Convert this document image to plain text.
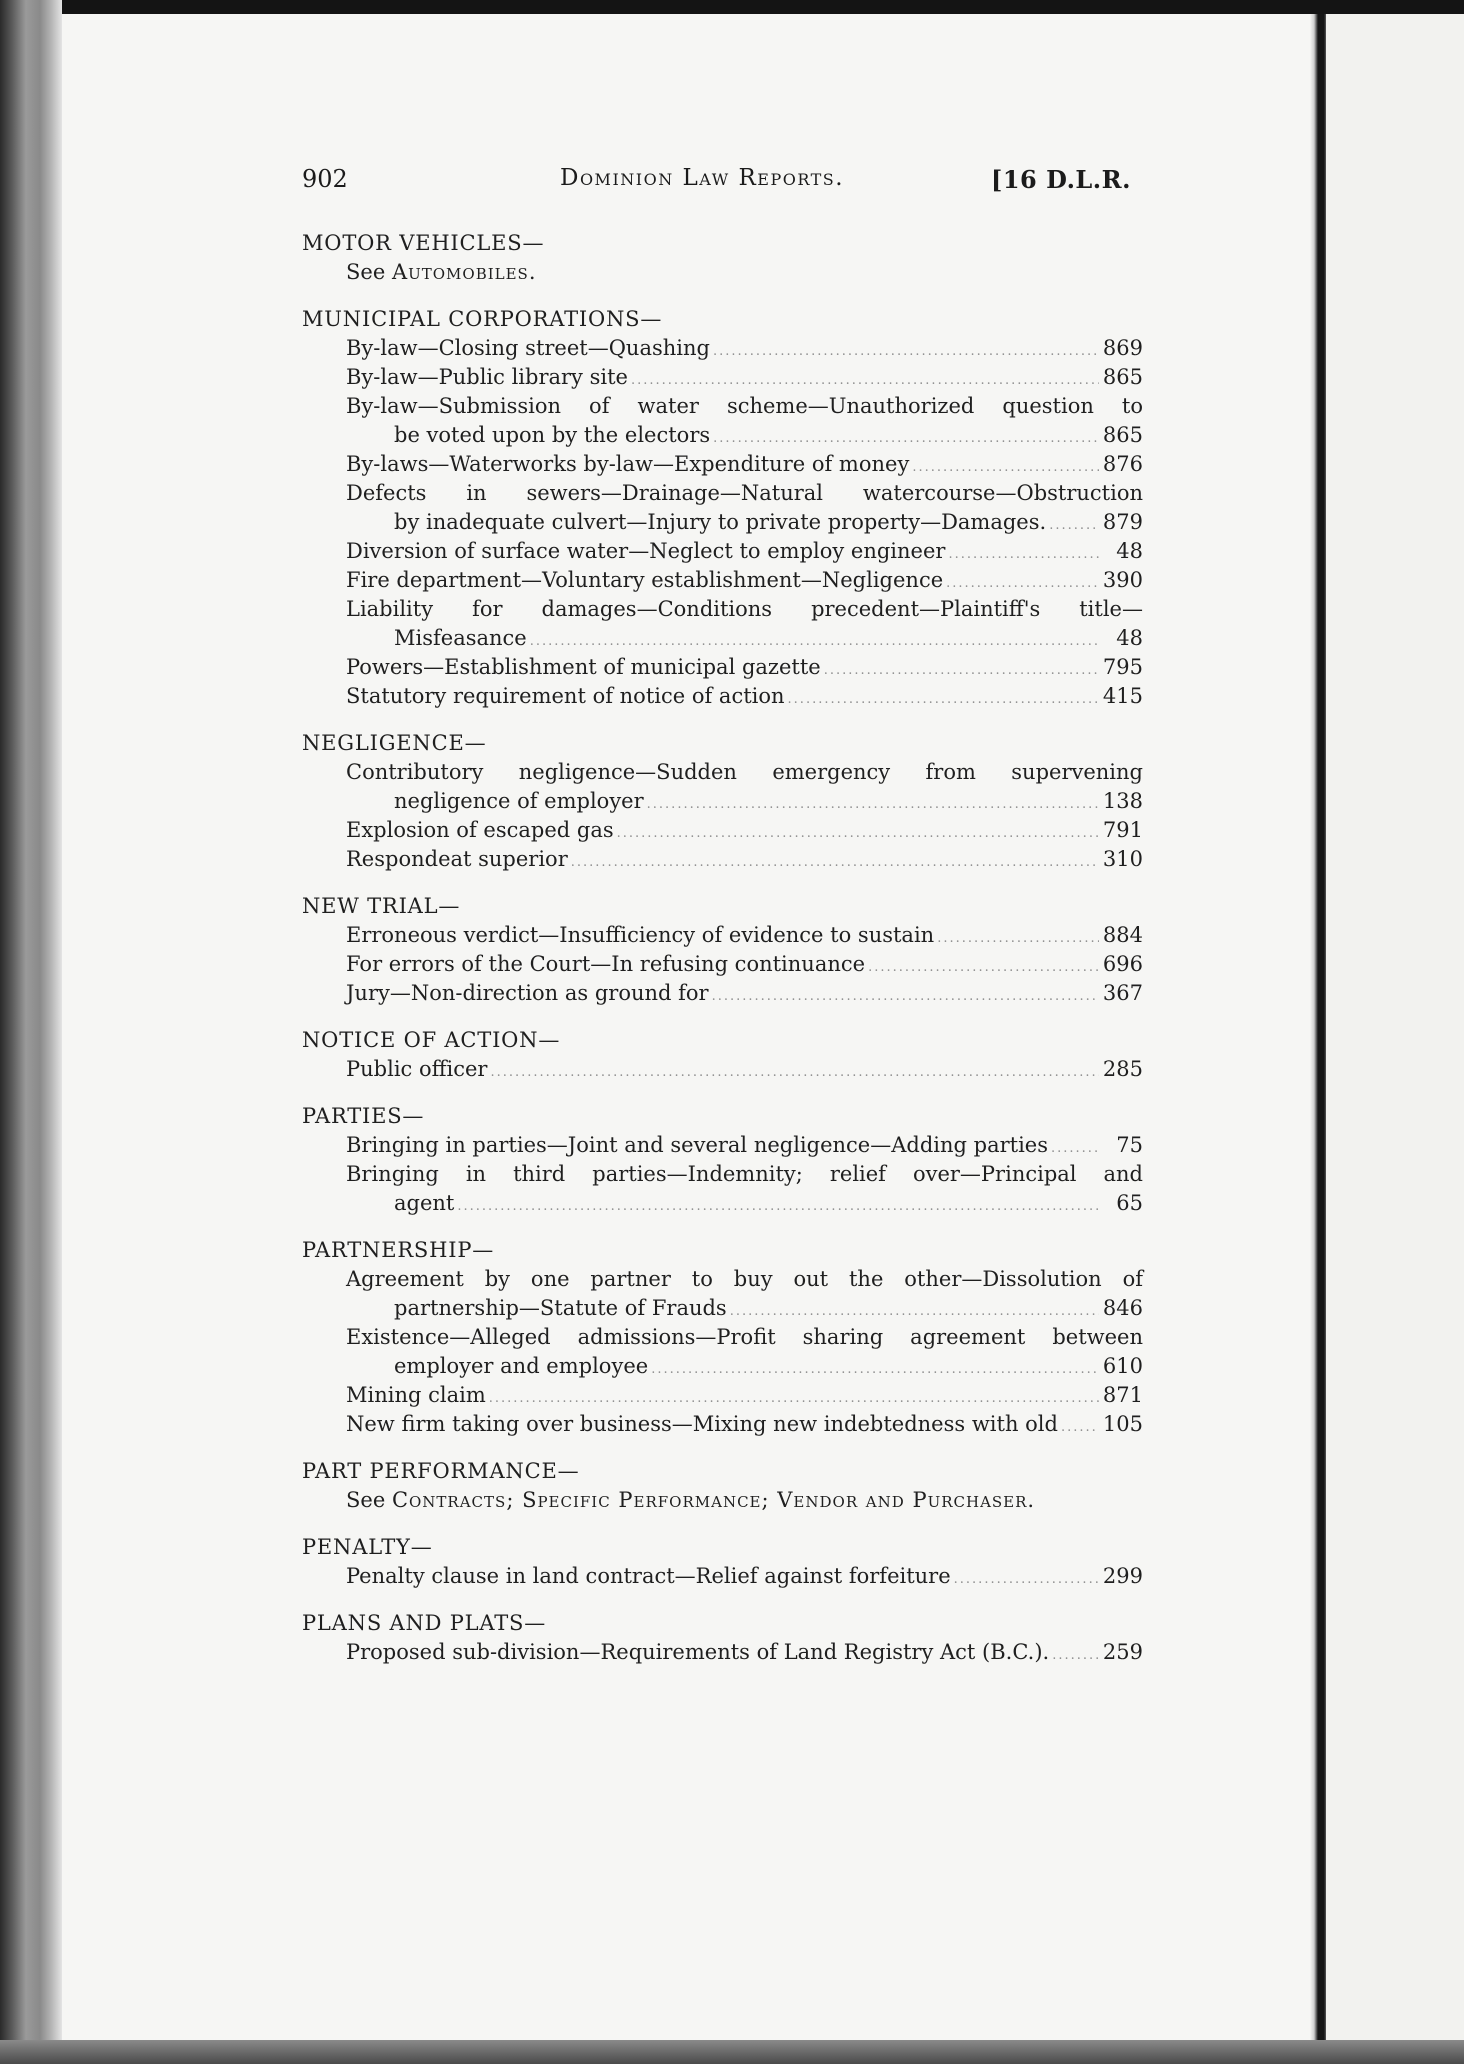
902	Dominion Law Reports.	[16 D.L.R.
MOTOR VEHICLES—
See Automobiles.
MUNICIPAL CORPORATIONS—
By-law—Closing street—Quashing .....	869
By-law—Public library site .....	865
By-law—Submission of water scheme—Unauthorized question to
be voted upon by the electors .....	865
By-laws—Waterworks by-law—Expenditure of money .....	876
Defects in sewers—Drainage—Natural watercourse—Obstruction
by inadequate culvert—Injury to private property—Damages. .....	879
Diversion of surface water—Neglect to employ engineer .....	48
Fire department—Voluntary establishment—Negligence .....	390
Liability for damages—Conditions precedent—Plaintiff's title—
Misfeasance .....	48
Powers—Establishment of municipal gazette .....	795
Statutory requirement of notice of action .....	415
NEGLIGENCE—
Contributory negligence—Sudden emergency from supervening
negligence of employer .....	138
Explosion of escaped gas .....	791
Respondeat superior .....	310
NEW TRIAL—
Erroneous verdict—Insufficiency of evidence to sustain .....	884
For errors of the Court—In refusing continuance .....	696
Jury—Non-direction as ground for .....	367
NOTICE OF ACTION—
Public officer .....	285
PARTIES—
Bringing in parties—Joint and several negligence—Adding parties .....	75
Bringing in third parties—Indemnity; relief over—Principal and
agent .....	65
PARTNERSHIP—
Agreement by one partner to buy out the other—Dissolution of
partnership—Statute of Frauds .....	846
Existence—Alleged admissions—Profit sharing agreement between
employer and employee .....	610
Mining claim .....	871
New firm taking over business—Mixing new indebtedness with old ..... 105
PART PERFORMANCE—
See Contracts; Specific Performance; Vendor and Purchaser.
PENALTY—
Penalty clause in land contract—Relief against forfeiture .....	299
PLANS AND PLATS—
Proposed sub-division—Requirements of Land Registry Act (B.C.). .....	259
